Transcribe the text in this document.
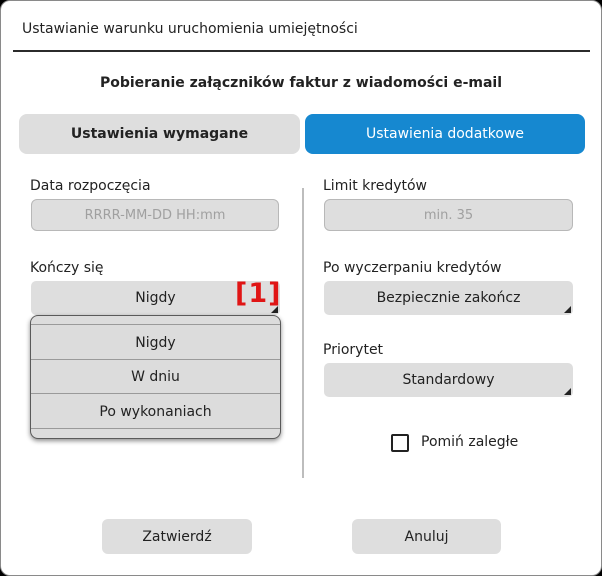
Ustawianie warunku uruchomienia umiejętności
Pobieranie załączników faktur z wiadomości e-mail
Ustawienia wymagane	Ustawienia dodatkowe
Data rozpoczęcia
RRRR-MM-DD HH:mm
Kończy się
Nigdy [1]
Nigdy
W dniu
Po wykonaniach
Limit kredytów
min. 35
Po wyczerpaniu kredytów
Bezpiecznie zakończ
Priorytet
Standardowy
Pomiń zaległe
Zatwierdź	Anuluj
